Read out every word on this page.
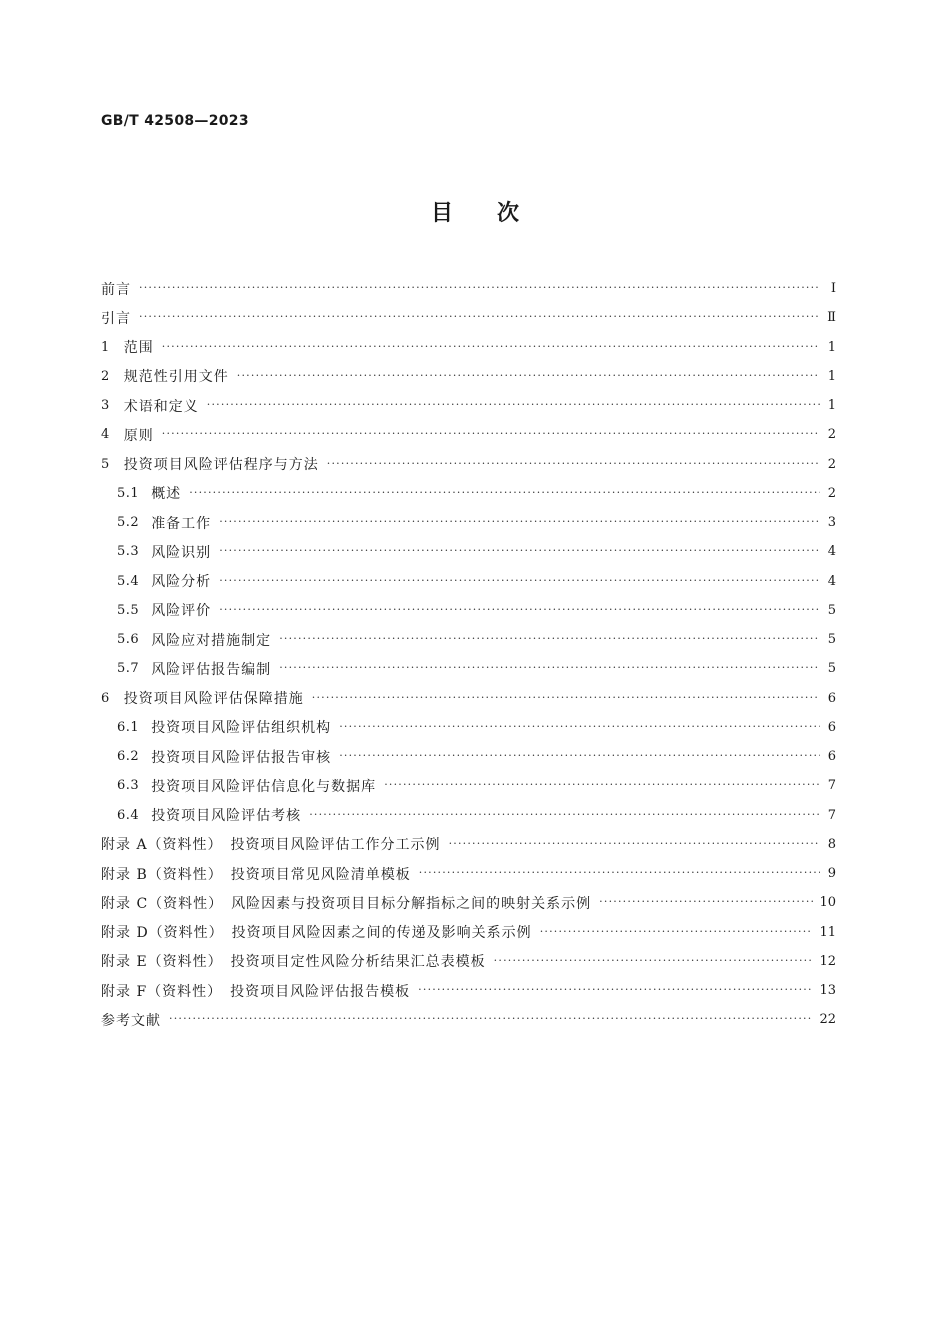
GB/T 42508—2023
目次
前言 ·····	Ⅰ
引言 ·····	Ⅱ
1 范围 ·····	1
2 规范性引用文件 ·····	1
3 术语和定义 ·····	1
4 原则 ·····	2
5 投资项目风险评估程序与方法 ·····	2
5.1 概述 ·····	2
5.2 准备工作 ·····	3
5.3 风险识别 ·····	4
5.4 风险分析 ·····	4
5.5 风险评价 ·····	5
5.6 风险应对措施制定 ·····	5
5.7 风险评估报告编制 ·····	5
6 投资项目风险评估保障措施 ·····	6
6.1 投资项目风险评估组织机构 ·····	6
6.2 投资项目风险评估报告审核 ·····	6
6.3 投资项目风险评估信息化与数据库 ·····	7
6.4 投资项目风险评估考核 ·····	7
附录 A（资料性）　投资项目风险评估工作分工示例 ·····	8
附录 B（资料性）　投资项目常见风险清单模板 ·····	9
附录 C（资料性）　风险因素与投资项目目标分解指标之间的映射关系示例 ·····	10
附录 D（资料性）　投资项目风险因素之间的传递及影响关系示例 ·····	11
附录 E（资料性）　投资项目定性风险分析结果汇总表模板 ·····	12
附录 F（资料性）　投资项目风险评估报告模板 ·····	13
参考文献 ·····	22
